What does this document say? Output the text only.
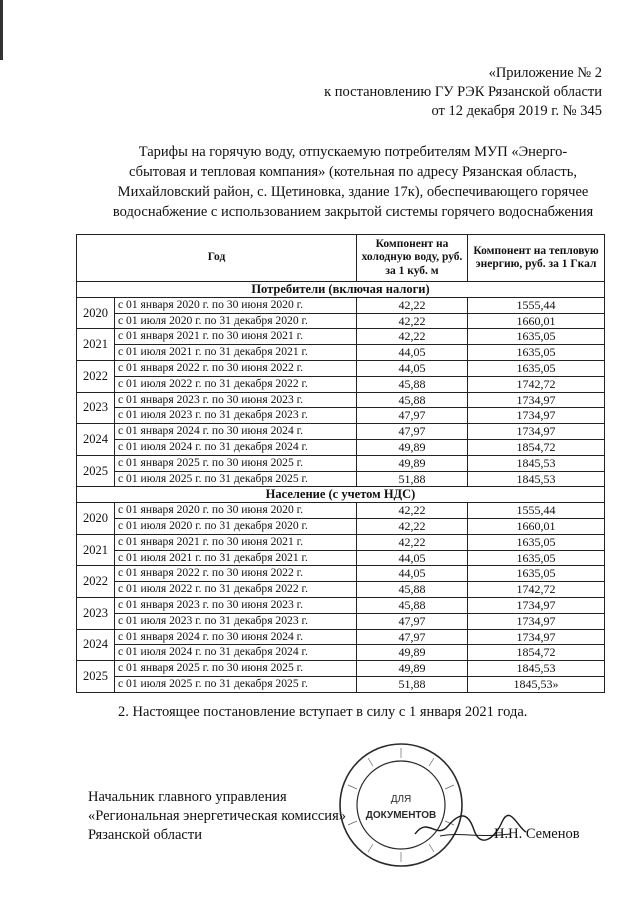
«Приложение № 2
к постановлению ГУ РЭК Рязанской области
от 12 декабря 2019 г. № 345
Тарифы на горячую воду, отпускаемую потребителям МУП «Энерго-
сбытовая и тепловая компания» (котельная по адресу Рязанская область,
Михайловский район, с. Щетиновка, здание 17к), обеспечивающего горячее
водоснабжение с использованием закрытой системы горячего водоснабжения
Год		Компонент на холодную воду, руб. за 1 куб. м	Компонент на тепловую энергию, руб. за 1 Гкал
Потребители (включая налоги)			
2020	с 01 января 2020 г. по 30 июня 2020 г.	42,22	1555,44
	с 01 июля 2020 г. по 31 декабря 2020 г.	42,22	1660,01
2021	с 01 января 2021 г. по 30 июня 2021 г.	42,22	1635,05
	с 01 июля 2021 г. по 31 декабря 2021 г.	44,05	1635,05
2022	с 01 января 2022 г. по 30 июня 2022 г.	44,05	1635,05
	с 01 июля 2022 г. по 31 декабря 2022 г.	45,88	1742,72
2023	с 01 января 2023 г. по 30 июня 2023 г.	45,88	1734,97
	с 01 июля 2023 г. по 31 декабря 2023 г.	47,97	1734,97
2024	с 01 января 2024 г. по 30 июня 2024 г.	47,97	1734,97
	с 01 июля 2024 г. по 31 декабря 2024 г.	49,89	1854,72
2025	с 01 января 2025 г. по 30 июня 2025 г.	49,89	1845,53
	с 01 июля 2025 г. по 31 декабря 2025 г.	51,88	1845,53
Население (с учетом НДС)			
2020	с 01 января 2020 г. по 30 июня 2020 г.	42,22	1555,44
	с 01 июля 2020 г. по 31 декабря 2020 г.	42,22	1660,01
2021	с 01 января 2021 г. по 30 июня 2021 г.	42,22	1635,05
	с 01 июля 2021 г. по 31 декабря 2021 г.	44,05	1635,05
2022	с 01 января 2022 г. по 30 июня 2022 г.	44,05	1635,05
	с 01 июля 2022 г. по 31 декабря 2022 г.	45,88	1742,72
2023	с 01 января 2023 г. по 30 июня 2023 г.	45,88	1734,97
	с 01 июля 2023 г. по 31 декабря 2023 г.	47,97	1734,97
2024	с 01 января 2024 г. по 30 июня 2024 г.	47,97	1734,97
	с 01 июля 2024 г. по 31 декабря 2024 г.	49,89	1854,72
2025	с 01 января 2025 г. по 30 июня 2025 г.	49,89	1845,53
	с 01 июля 2025 г. по 31 декабря 2025 г.	51,88	1845,53»
2. Настоящее постановление вступает в силу с 1 января 2021 года.
ДЛЯ
ДОКУМЕНТОВ
Начальник главного управления
«Региональная энергетическая комиссия»
Рязанской области	Н.Н. Семенов
